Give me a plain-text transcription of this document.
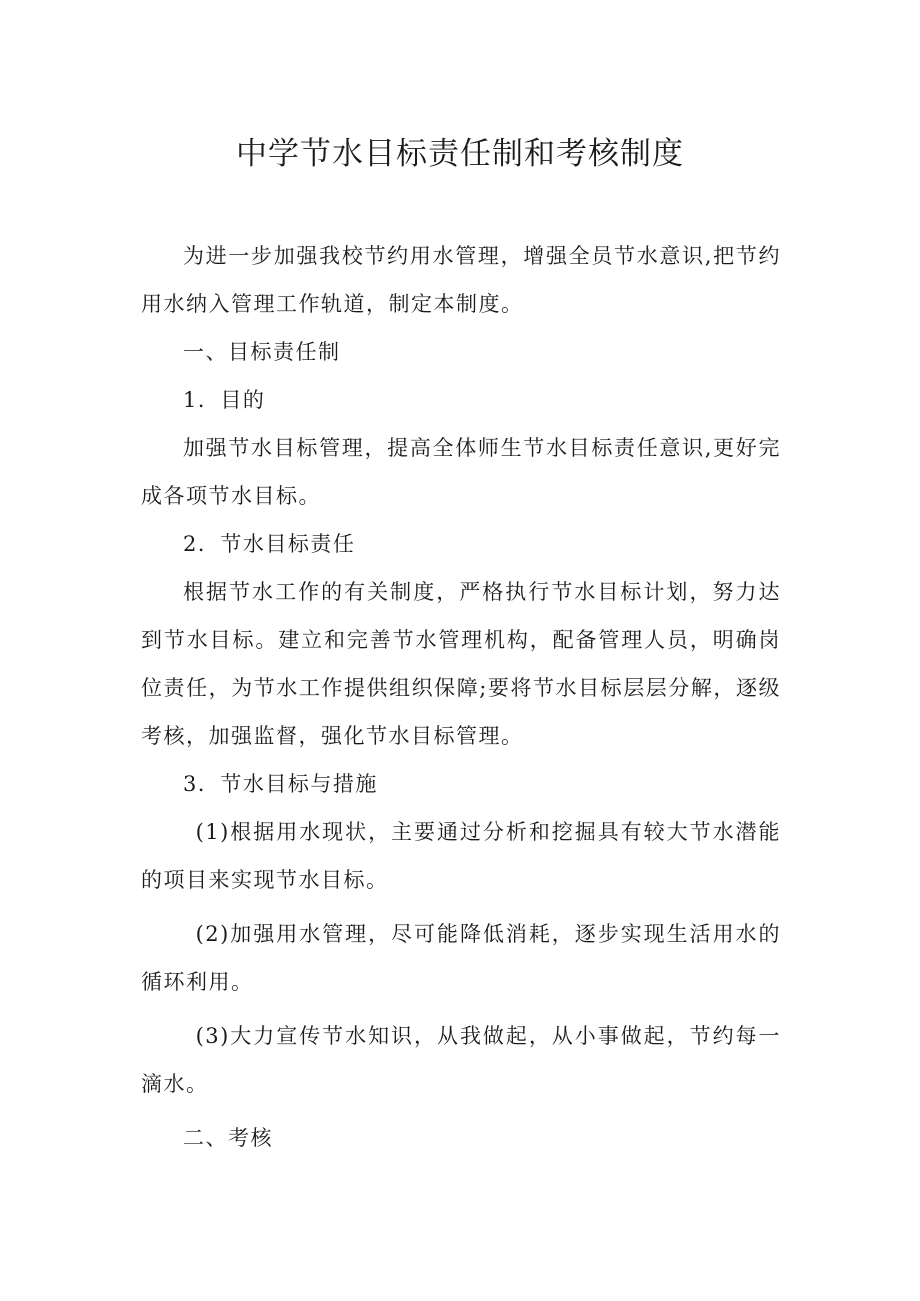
中学节水目标责任制和考核制度

为进一步加强我校节约用水管理，增强全员节水意识,把节约用水纳入管理工作轨道，制定本制度。

一、目标责任制

1．目的

加强节水目标管理，提高全体师生节水目标责任意识,更好完成各项节水目标。

2．节水目标责任

根据节水工作的有关制度，严格执行节水目标计划，努力达到节水目标。建立和完善节水管理机构，配备管理人员，明确岗位责任，为节水工作提供组织保障;要将节水目标层层分解，逐级考核，加强监督，强化节水目标管理。

3．节水目标与措施

(1)根据用水现状，主要通过分析和挖掘具有较大节水潜能的项目来实现节水目标。

(2)加强用水管理，尽可能降低消耗，逐步实现生活用水的循环利用。

(3)大力宣传节水知识，从我做起，从小事做起，节约每一滴水。

二、考核
